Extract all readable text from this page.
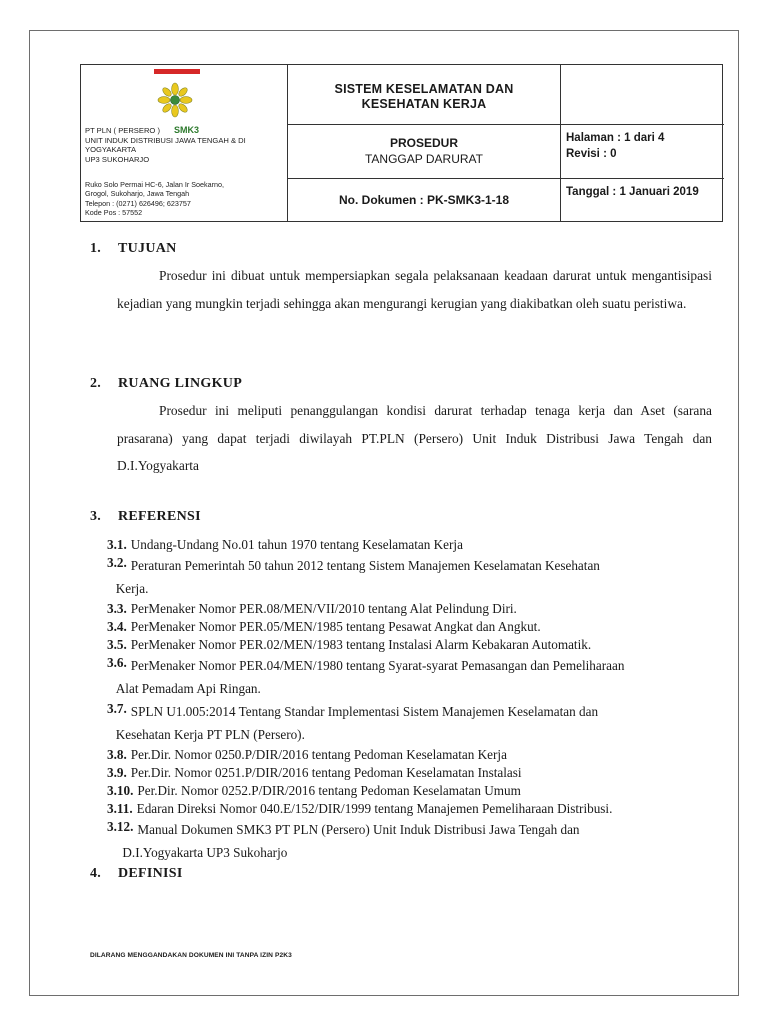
SMK3
PT PLN ( PERSERO )
UNIT INDUK DISTRIBUSI JAWA TENGAH & DI
YOGYAKARTA
UP3 SUKOHARJO
Ruko Solo Permai HC-6, Jalan Ir Soekarno,
Grogol, Sukoharjo, Jawa Tengah
Telepon : (0271) 626496; 623757
Kode Pos : 57552
SISTEM KESELAMATAN DAN
KESEHATAN KERJA
PROSEDUR
TANGGAP DARURAT
No. Dokumen : PK-SMK3-1-18
Halaman : 1 dari 4
Revisi : 0
Tanggal : 1 Januari 2019
1. TUJUAN
Prosedur ini dibuat untuk mempersiapkan segala pelaksanaan keadaan darurat untuk mengantisipasi kejadian yang mungkin terjadi sehingga akan mengurangi kerugian yang diakibatkan oleh suatu peristiwa.
2. RUANG LINGKUP
Prosedur ini meliputi penanggulangan kondisi darurat terhadap tenaga kerja dan Aset (sarana prasarana) yang dapat terjadi diwilayah PT.PLN (Persero) Unit Induk Distribusi Jawa Tengah dan D.I.Yogyakarta
3. REFERENSI
3.1. Undang-Undang No.01 tahun 1970 tentang Keselamatan Kerja
3.2. Peraturan Pemerintah 50 tahun 2012 tentang Sistem Manajemen Keselamatan Kesehatan
Kerja.
3.3. PerMenaker Nomor PER.08/MEN/VII/2010 tentang Alat Pelindung Diri.
3.4. PerMenaker Nomor PER.05/MEN/1985 tentang Pesawat Angkat dan Angkut.
3.5. PerMenaker Nomor PER.02/MEN/1983 tentang Instalasi Alarm Kebakaran Automatik.
3.6. PerMenaker Nomor PER.04/MEN/1980 tentang Syarat-syarat Pemasangan dan Pemeliharaan
Alat Pemadam Api Ringan.
3.7. SPLN U1.005:2014 Tentang Standar Implementasi Sistem Manajemen Keselamatan dan
Kesehatan Kerja PT PLN (Persero).
3.8. Per.Dir. Nomor 0250.P/DIR/2016 tentang Pedoman Keselamatan Kerja
3.9. Per.Dir. Nomor 0251.P/DIR/2016 tentang Pedoman Keselamatan Instalasi
3.10. Per.Dir. Nomor 0252.P/DIR/2016 tentang Pedoman Keselamatan Umum
3.11. Edaran Direksi Nomor 040.E/152/DIR/1999 tentang Manajemen Pemeliharaan Distribusi.
3.12. Manual Dokumen SMK3 PT PLN (Persero) Unit Induk Distribusi Jawa Tengah dan
D.I.Yogyakarta UP3 Sukoharjo
4. DEFINISI
DILARANG MENGGANDAKAN DOKUMEN INI TANPA IZIN P2K3
